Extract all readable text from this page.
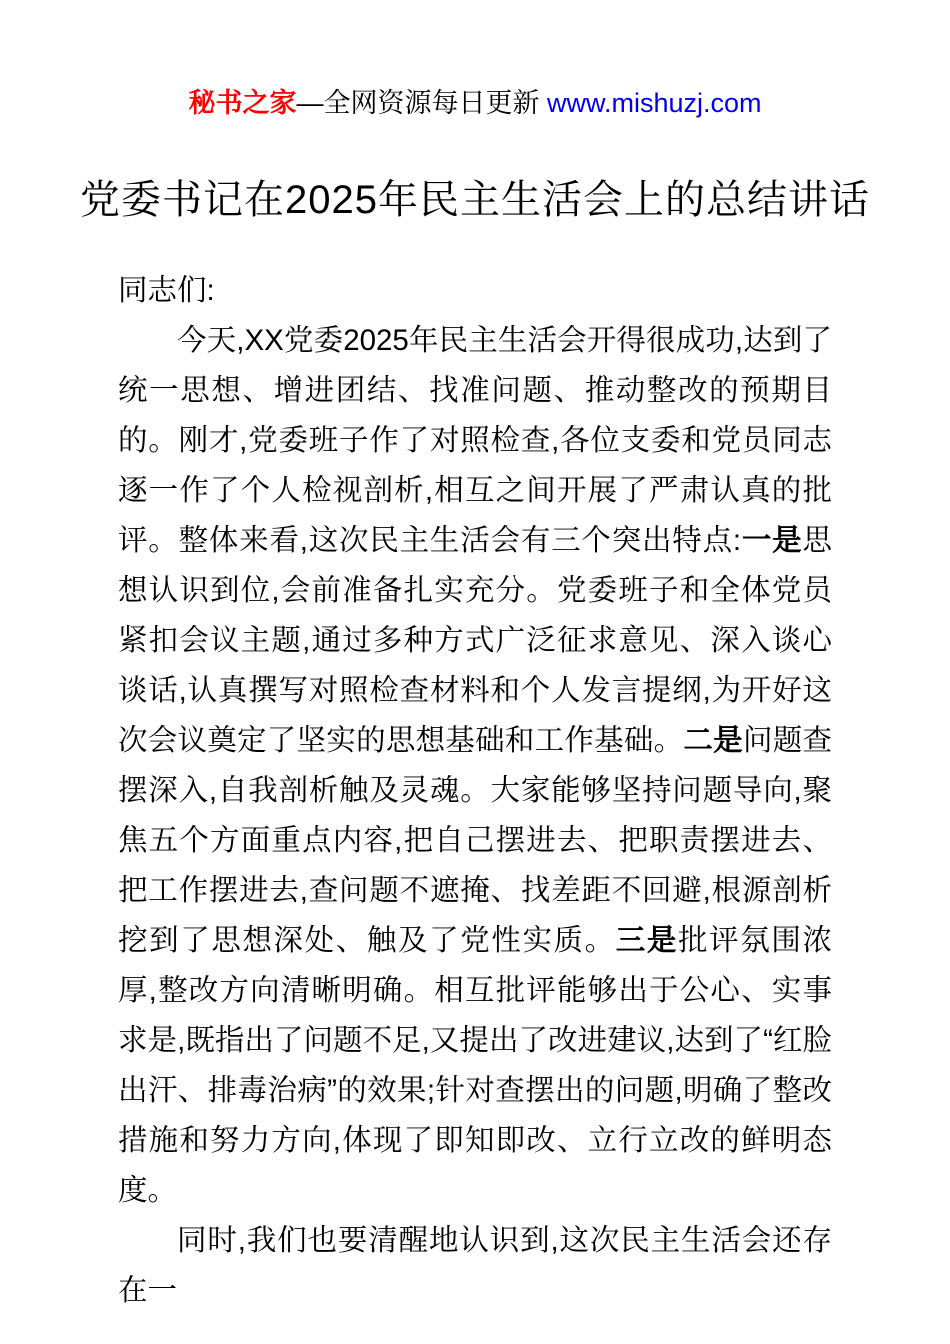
秘书之家—全网资源每日更新 www.mishuzj.com
党委书记在2025年民主生活会上的总结讲话

同志们:

今天,XX党委2025年民主生活会开得很成功,达到了统一思想、增进团结、找准问题、推动整改的预期目的。刚才,党委班子作了对照检查,各位支委和党员同志逐一作了个人检视剖析,相互之间开展了严肃认真的批评。整体来看,这次民主生活会有三个突出特点:一是思想认识到位,会前准备扎实充分。党委班子和全体党员紧扣会议主题,通过多种方式广泛征求意见、深入谈心谈话,认真撰写对照检查材料和个人发言提纲,为开好这次会议奠定了坚实的思想基础和工作基础。二是问题查摆深入,自我剖析触及灵魂。大家能够坚持问题导向,聚焦五个方面重点内容,把自己摆进去、把职责摆进去、把工作摆进去,查问题不遮掩、找差距不回避,根源剖析挖到了思想深处、触及了党性实质。三是批评氛围浓厚,整改方向清晰明确。相互批评能够出于公心、实事求是,既指出了问题不足,又提出了改进建议,达到了“红脸出汗、排毒治病”的效果;针对查摆出的问题,明确了整改措施和努力方向,体现了即知即改、立行立改的鲜明态度。

同时,我们也要清醒地认识到,这次民主生活会还存在一
